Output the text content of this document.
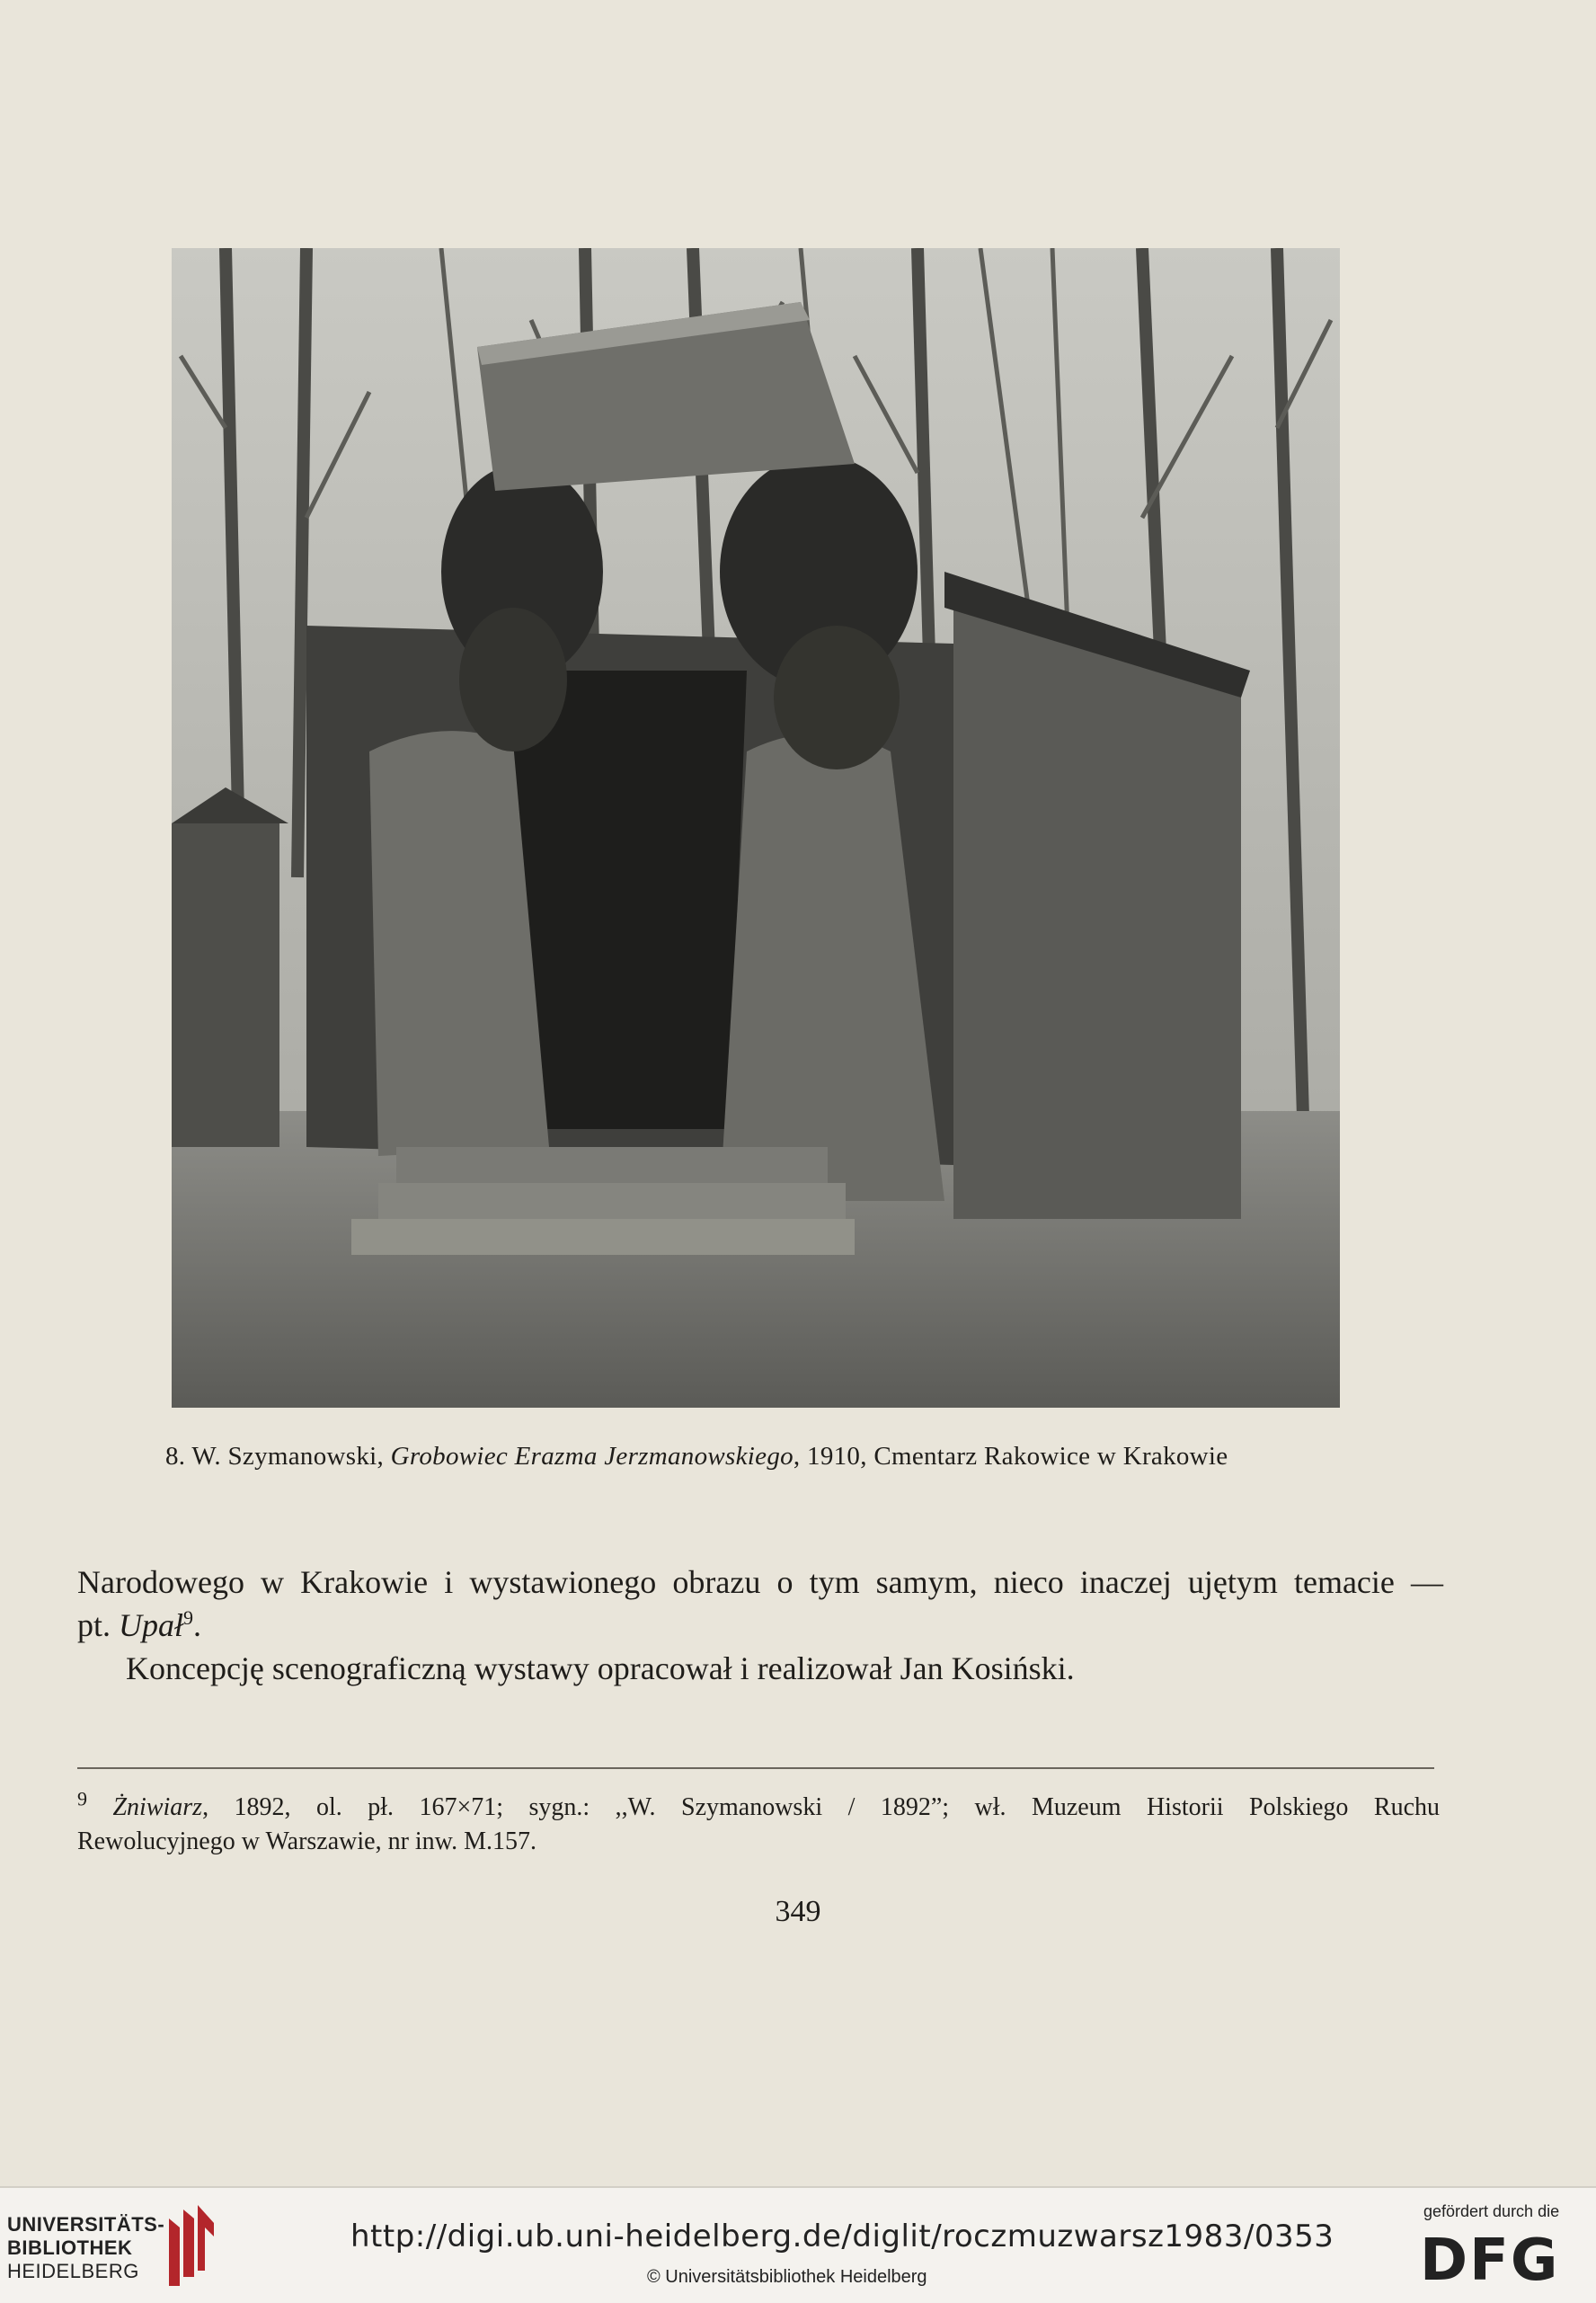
8. W. Szymanowski, Grobowiec Erazma Jerzmanowskiego, 1910, Cmentarz Rakowice w Krakowie
Narodowego w Krakowie i wystawionego obrazu o tym samym, nieco inaczej ujętym temacie —
pt. Upał$^9$.
Koncepcję scenograficzną wystawy opracował i realizował Jan Kosiński.
$^9$ Żniwiarz, 1892, ol. pł. 167×71; sygn.: ,,W. Szymanowski / 1892”; wł. Muzeum Historii Polskiego Ruchu
Rewolucyjnego w Warszawie, nr inw. M.157.
349
UNIVERSITÄTS-
BIBLIOTHEK
HEIDELBERG
http://digi.ub.uni-heidelberg.de/diglit/roczmuzwarsz1983/0353
© Universitätsbibliothek Heidelberg
gefördert durch die
DFG
